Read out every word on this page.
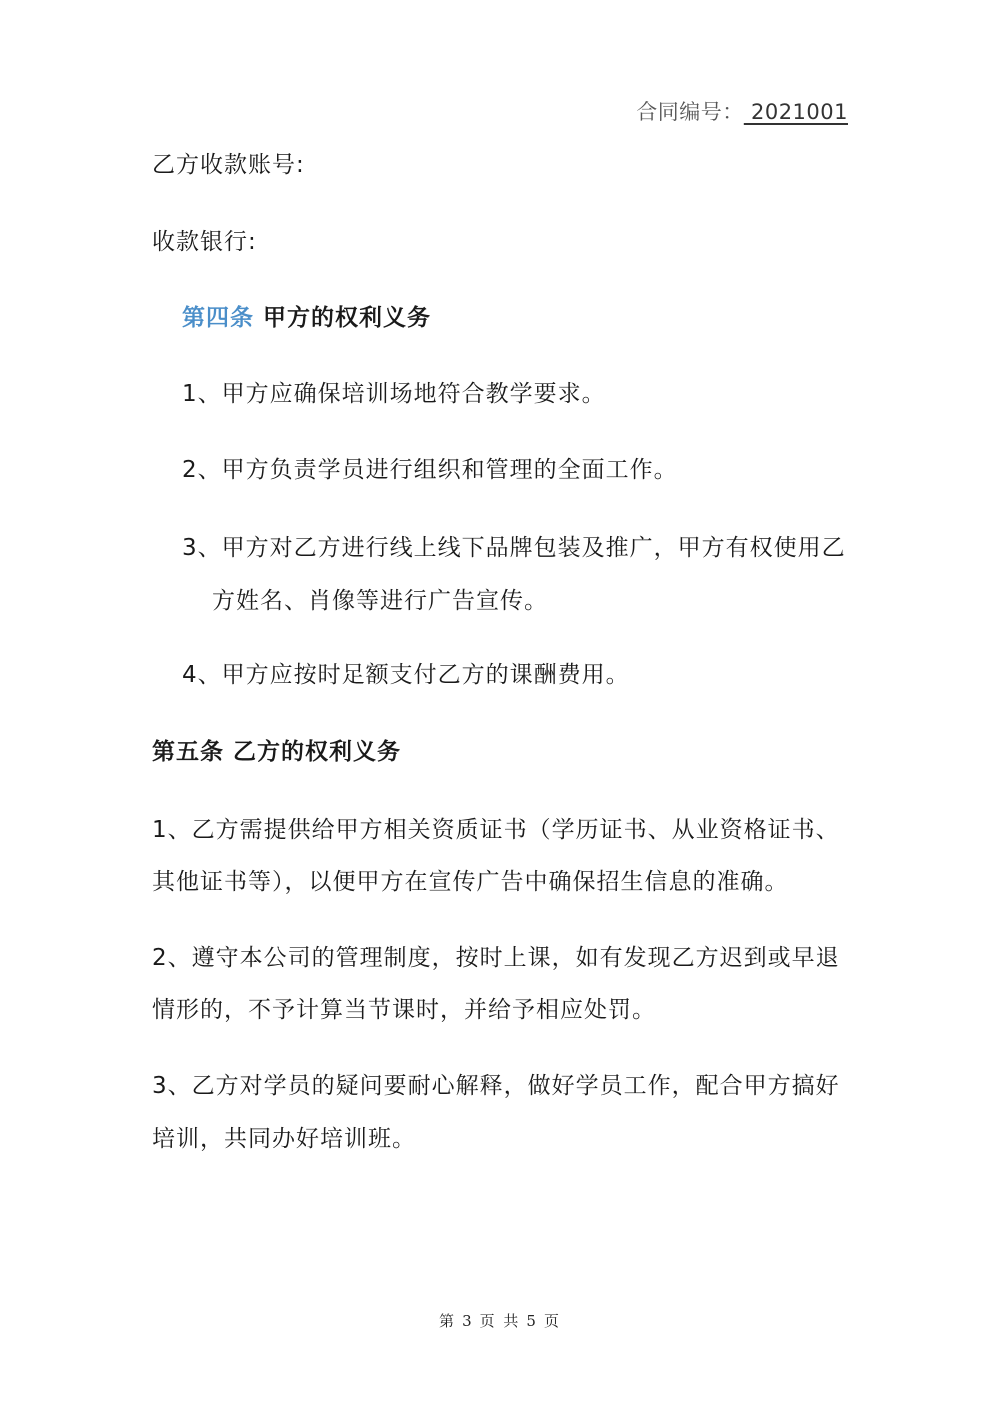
合同编号： 2021001
乙方收款账号:
收款银行:
第四条 甲方的权利义务
1、甲方应确保培训场地符合教学要求。
2、甲方负责学员进行组织和管理的全面工作。
3、甲方对乙方进行线上线下品牌包装及推广，甲方有权使用乙
方姓名、肖像等进行广告宣传。
4、甲方应按时足额支付乙方的课酬费用。
第五条 乙方的权利义务
1、乙方需提供给甲方相关资质证书（学历证书、从业资格证书、
其他证书等），以便甲方在宣传广告中确保招生信息的准确。
2、遵守本公司的管理制度，按时上课，如有发现乙方迟到或早退
情形的，不予计算当节课时，并给予相应处罚。
3、乙方对学员的疑问要耐心解释，做好学员工作，配合甲方搞好
培训，共同办好培训班。
第 3 页 共 5 页
